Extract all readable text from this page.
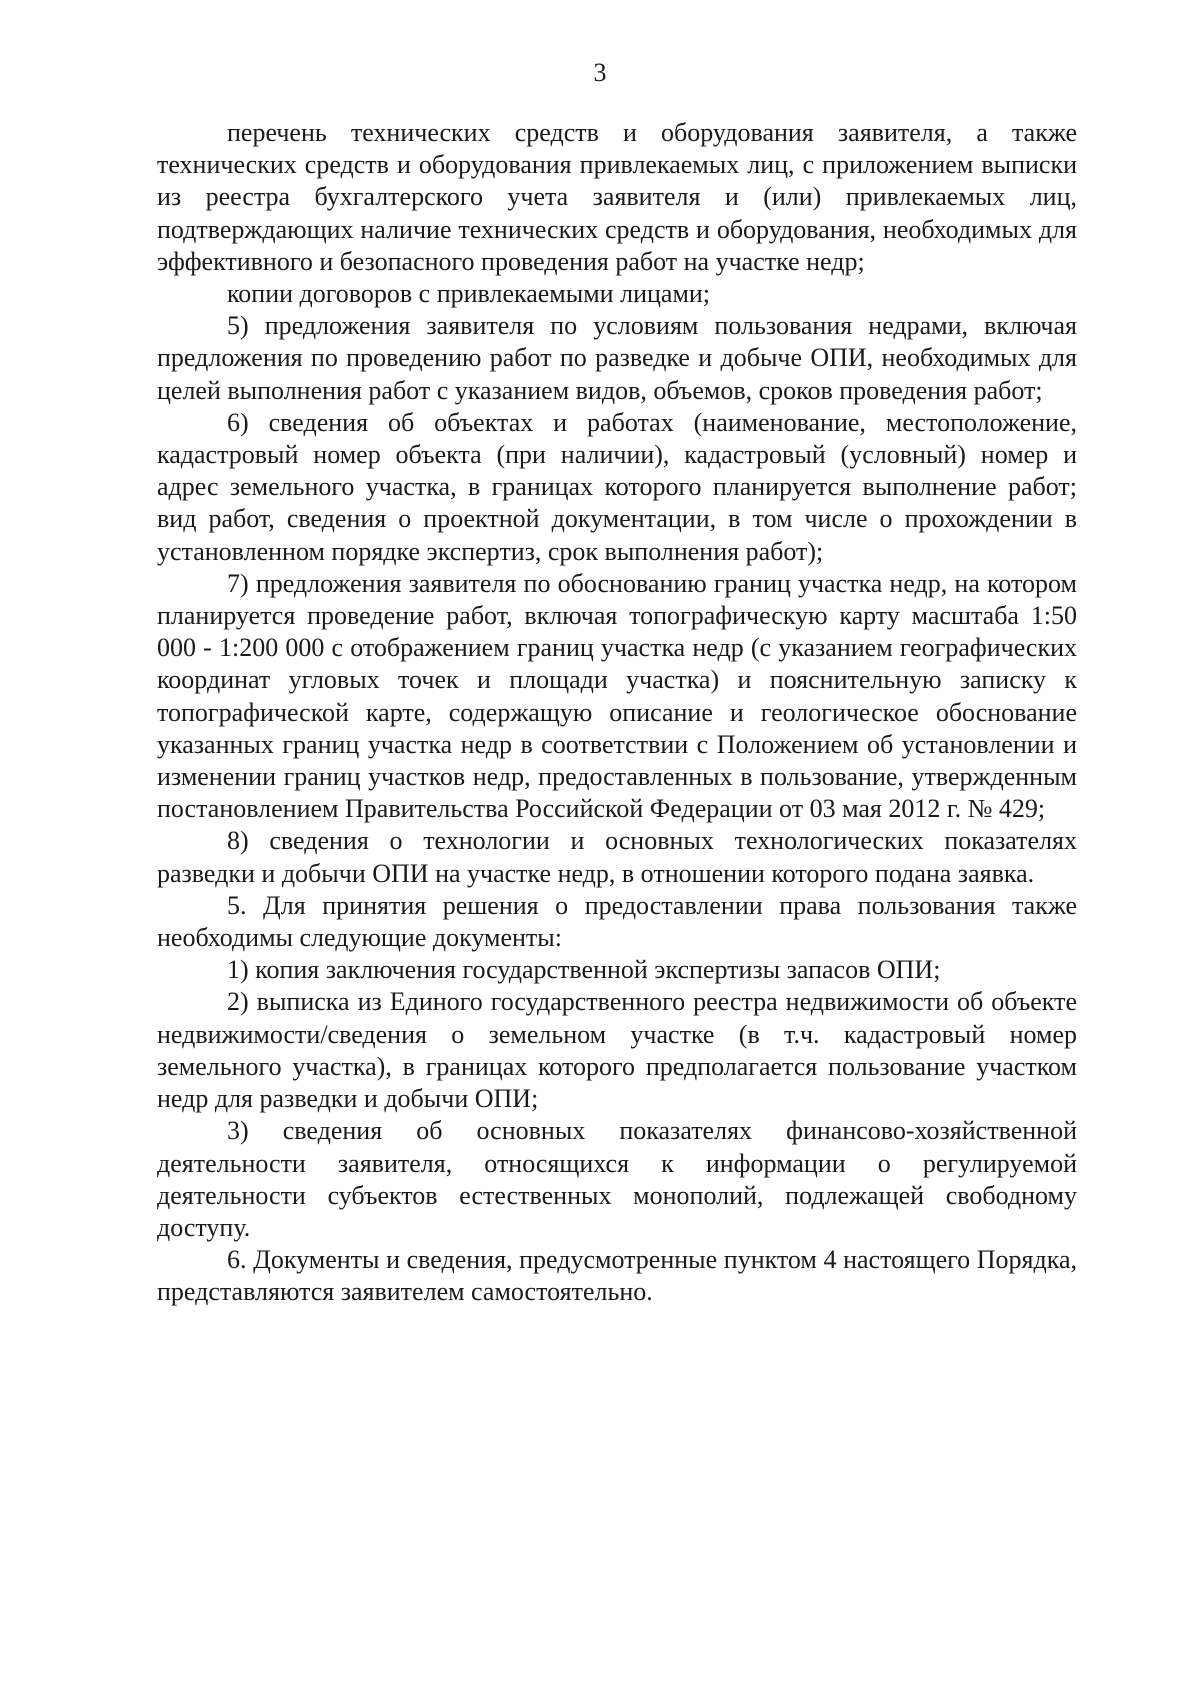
3

перечень технических средств и оборудования заявителя, а также технических средств и оборудования привлекаемых лиц, с приложением выписки из реестра бухгалтерского учета заявителя и (или) привлекаемых лиц, подтверждающих наличие технических средств и оборудования, необходимых для эффективного и безопасного проведения работ на участке недр;

копии договоров с привлекаемыми лицами;

5) предложения заявителя по условиям пользования недрами, включая предложения по проведению работ по разведке и добыче ОПИ, необходимых для целей выполнения работ с указанием видов, объемов, сроков проведения работ;

6) сведения об объектах и работах (наименование, местоположение, кадастровый номер объекта (при наличии), кадастровый (условный) номер и адрес земельного участка, в границах которого планируется выполнение работ; вид работ, сведения о проектной документации, в том числе о прохождении в установленном порядке экспертиз, срок выполнения работ);

7) предложения заявителя по обоснованию границ участка недр, на котором планируется проведение работ, включая топографическую карту масштаба 1:50 000 - 1:200 000 с отображением границ участка недр (с указанием географических координат угловых точек и площади участка) и пояснительную записку к топографической карте, содержащую описание и геологическое обоснование указанных границ участка недр в соответствии с Положением об установлении и изменении границ участков недр, предоставленных в пользование, утвержденным постановлением Правительства Российской Федерации от 03 мая 2012 г. № 429;

8) сведения о технологии и основных технологических показателях разведки и добычи ОПИ на участке недр, в отношении которого подана заявка.

5. Для принятия решения о предоставлении права пользования также необходимы следующие документы:

1) копия заключения государственной экспертизы запасов ОПИ;

2) выписка из Единого государственного реестра недвижимости об объекте недвижимости/сведения о земельном участке (в т.ч. кадастровый номер земельного участка), в границах которого предполагается пользование участком недр для разведки и добычи ОПИ;

3) сведения об основных показателях финансово-хозяйственной деятельности заявителя, относящихся к информации о регулируемой деятельности субъектов естественных монополий, подлежащей свободному доступу.

6. Документы и сведения, предусмотренные пунктом 4 настоящего Порядка, представляются заявителем самостоятельно.
